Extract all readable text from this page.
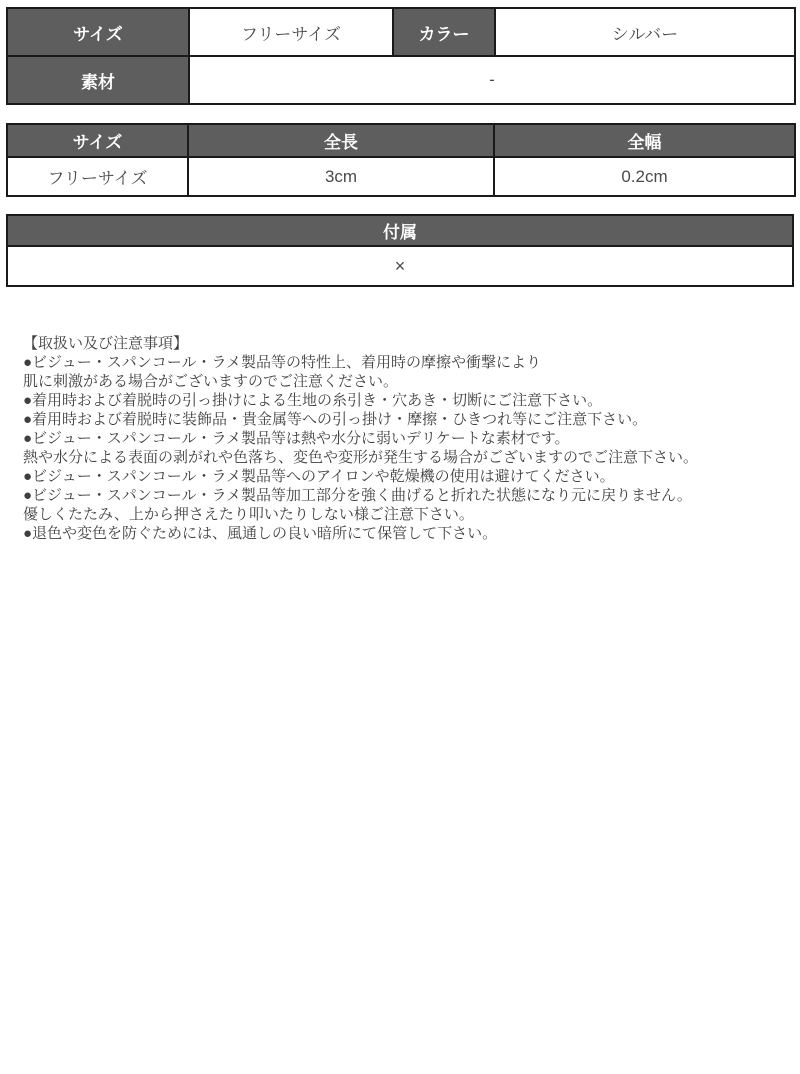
サイズ	フリーサイズ	カラー	シルバー
素材	-		
サイズ	全長	全幅
フリーサイズ	3cm	0.2cm
付属
×
【取扱い及び注意事項】
●ビジュー・スパンコール・ラメ製品等の特性上、着用時の摩擦や衝撃により
肌に刺激がある場合がございますのでご注意ください。
●着用時および着脱時の引っ掛けによる生地の糸引き・穴あき・切断にご注意下さい。
●着用時および着脱時に装飾品・貴金属等への引っ掛け・摩擦・ひきつれ等にご注意下さい。
●ビジュー・スパンコール・ラメ製品等は熱や水分に弱いデリケートな素材です。
熱や水分による表面の剥がれや色落ち、変色や変形が発生する場合がございますのでご注意下さい。
●ビジュー・スパンコール・ラメ製品等へのアイロンや乾燥機の使用は避けてください。
●ビジュー・スパンコール・ラメ製品等加工部分を強く曲げると折れた状態になり元に戻りません。
優しくたたみ、上から押さえたり叩いたりしない様ご注意下さい。
●退色や変色を防ぐためには、風通しの良い暗所にて保管して下さい。
